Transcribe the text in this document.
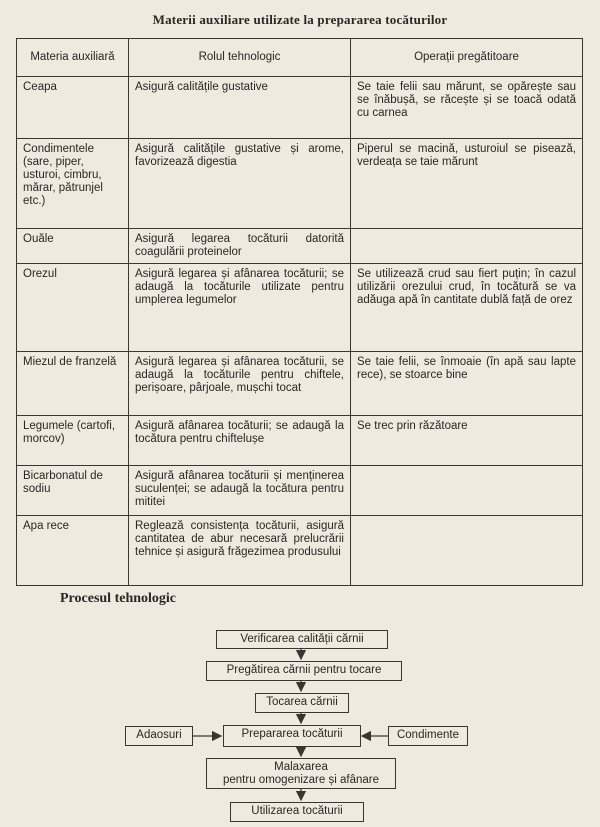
Materii auxiliare utilizate la prepararea tocăturilor
Materia auxiliară	Rolul tehnologic	Operații pregătitoare
Ceapa	Asigură calitățile gustative	Se taie felii sau mărunt, se opărește sau se înăbușă, se răcește și se toacă odată cu carnea
Condimentele (sare, piper, usturoi, cimbru, mărar, pătrunjel etc.)	Asigură calitățile gustative și arome, favorizează digestia	Piperul se macină, usturoiul se pisează, verdeața se taie mărunt
Ouăle	Asigură legarea tocăturii datorită coagulării proteinelor	
Orezul	Asigură legarea și afânarea tocăturii; se adaugă la tocăturile utilizate pentru umplerea legumelor	Se utilizează crud sau fiert puțin; în cazul utilizării orezului crud, în tocătură se va adăuga apă în cantitate dublă față de orez
Miezul de franzelă	Asigură legarea și afânarea tocăturii, se adaugă la tocăturile pentru chiftele, perișoare, pârjoale, mușchi tocat	Se taie felii, se înmoaie (în apă sau lapte rece), se stoarce bine
Legumele (cartofi, morcov)	Asigură afânarea tocăturii; se adaugă la tocătura pentru chiftelușe	Se trec prin răzătoare
Bicarbonatul de sodiu	Asigură afânarea tocăturii și menținerea suculenței; se adaugă la tocătura pentru mititei	
Apa rece	Reglează consistența tocăturii, asigură cantitatea de abur necesară prelucrării tehnice și asigură frăgezimea produsului	
Procesul tehnologic
Verificarea calității cărnii
Pregătirea cărnii pentru tocare
Tocarea cărnii
Adaosuri	Prepararea tocăturii	Condimente
Malaxarea
pentru omogenizare și afânare
Utilizarea tocăturii
